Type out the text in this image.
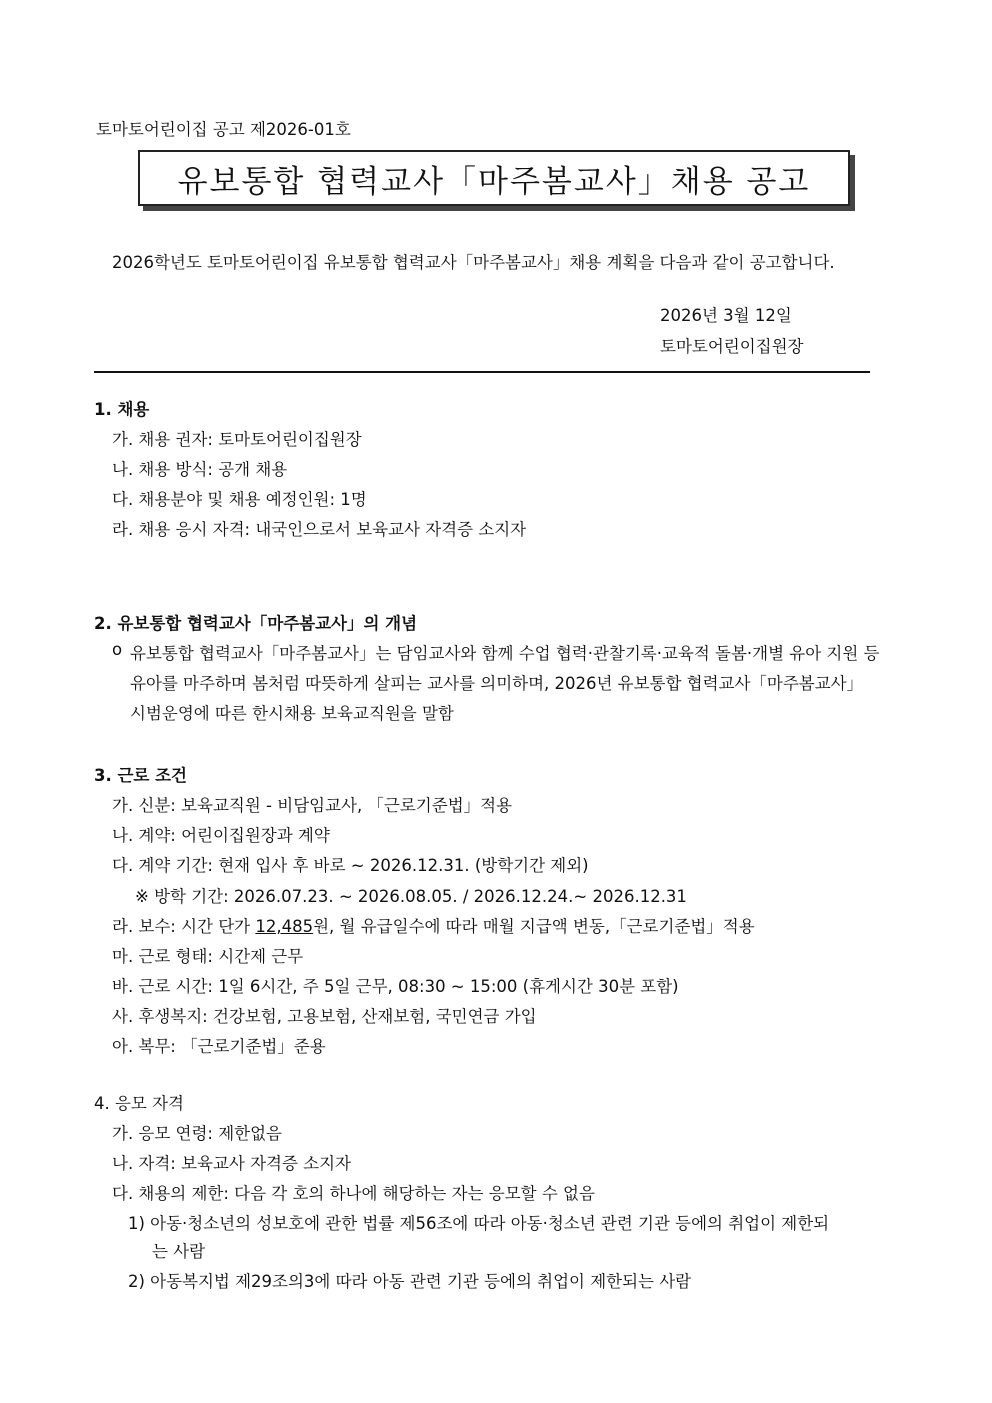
토마토어린이집 공고 제2026-01호
유보통합 협력교사「마주봄교사」채용 공고
2026학년도 토마토어린이집 유보통합 협력교사「마주봄교사」채용 계획을 다음과 같이 공고합니다.
2026년 3월 12일
토마토어린이집원장
1. 채용
가. 채용 권자: 토마토어린이집원장
나. 채용 방식: 공개 채용
다. 채용분야 및 채용 예정인원: 1명
라. 채용 응시 자격: 내국인으로서 보육교사 자격증 소지자
2. 유보통합 협력교사「마주봄교사」의 개념
o 유보통합 협력교사「마주봄교사」는 담임교사와 함께 수업 협력·관찰기록·교육적 돌봄·개별 유아 지원 등
유아를 마주하며 봄처럼 따뜻하게 살피는 교사를 의미하며, 2026년 유보통합 협력교사「마주봄교사」
시범운영에 따른 한시채용 보육교직원을 말함
3. 근로 조건
가. 신분: 보육교직원 - 비담임교사, 「근로기준법」적용
나. 계약: 어린이집원장과 계약
다. 계약 기간: 현재 입사 후 바로 ~ 2026.12.31. (방학기간 제외)
※ 방학 기간: 2026.07.23. ~ 2026.08.05. / 2026.12.24.~ 2026.12.31
라. 보수: 시간 단가 12,485원, 월 유급일수에 따라 매월 지급액 변동,「근로기준법」적용
마. 근로 형태: 시간제 근무
바. 근로 시간: 1일 6시간, 주 5일 근무, 08:30 ~ 15:00 (휴게시간 30분 포함)
사. 후생복지: 건강보험, 고용보험, 산재보험, 국민연금 가입
아. 복무: 「근로기준법」준용
4. 응모 자격
가. 응모 연령: 제한없음
나. 자격: 보육교사 자격증 소지자
다. 채용의 제한: 다음 각 호의 하나에 해당하는 자는 응모할 수 없음
1) 아동·청소년의 성보호에 관한 법률 제56조에 따라 아동·청소년 관련 기관 등에의 취업이 제한되
는 사람
2) 아동복지법 제29조의3에 따라 아동 관련 기관 등에의 취업이 제한되는 사람
